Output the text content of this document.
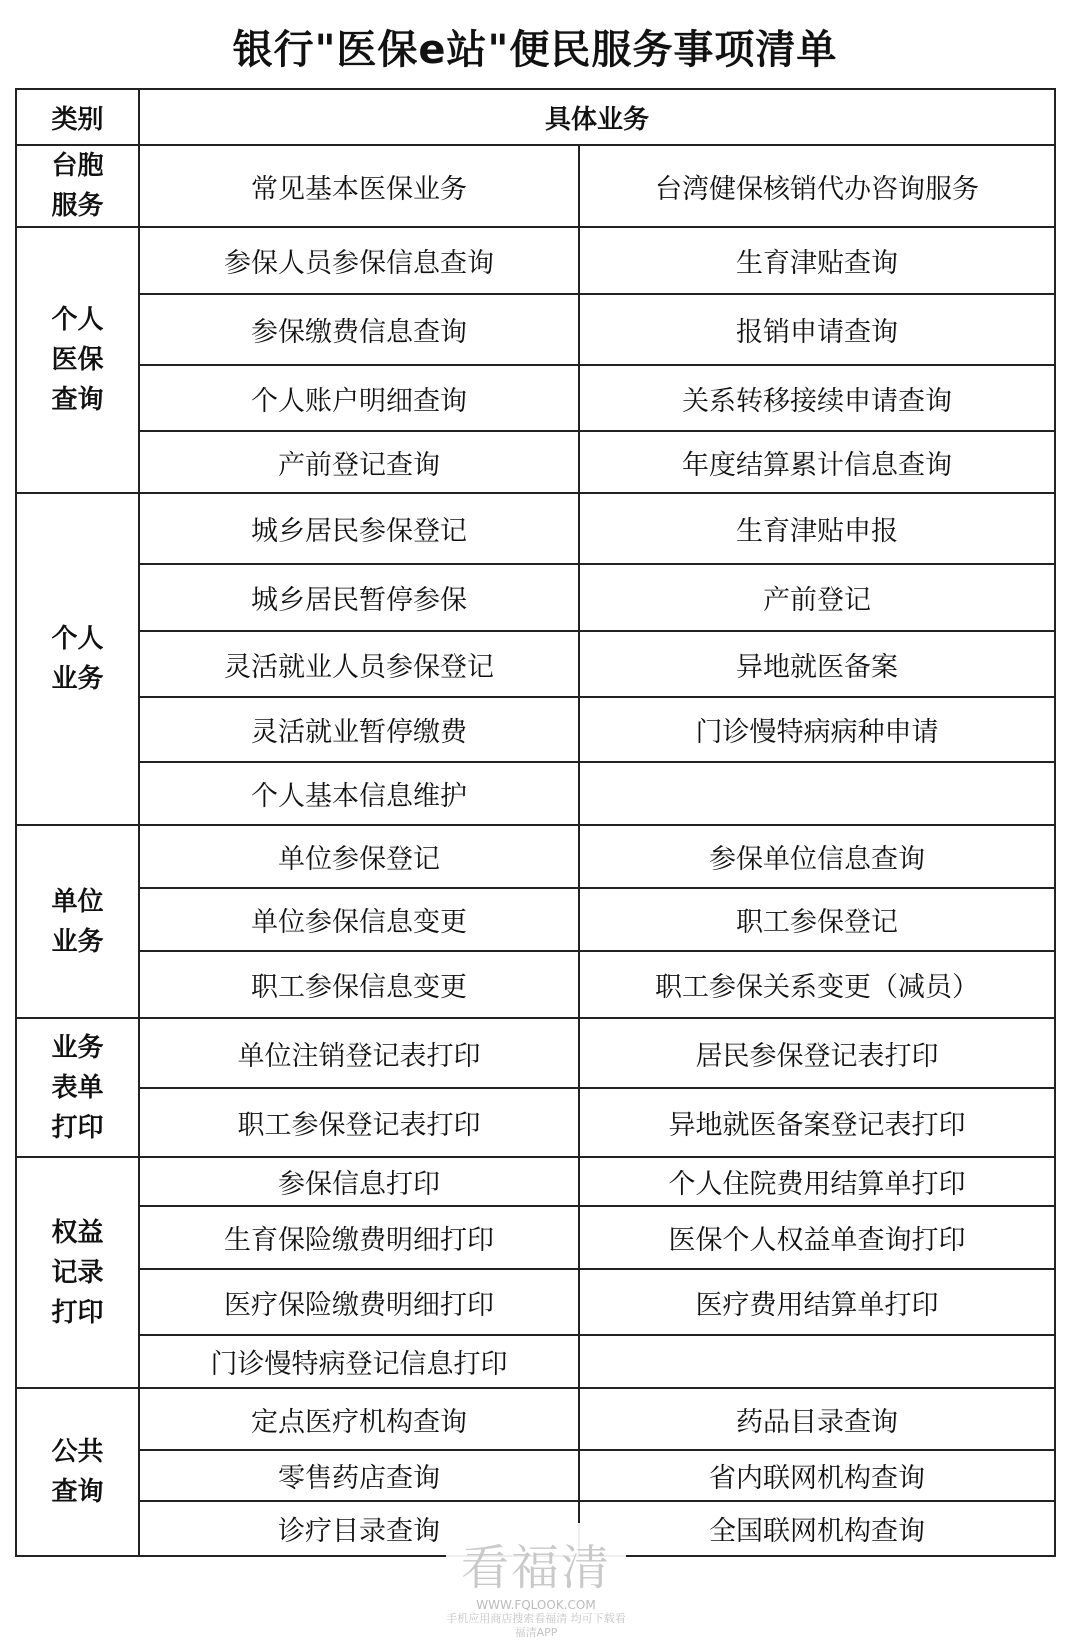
银行"医保e站"便民服务事项清单
类别	具体业务	
台胞服务	常见基本医保业务	台湾健保核销代办咨询服务
个人医保查询	参保人员参保信息查询	生育津贴查询
	参保缴费信息查询	报销申请查询
	个人账户明细查询	关系转移接续申请查询
	产前登记查询	年度结算累计信息查询
个人业务	城乡居民参保登记	生育津贴申报
	城乡居民暂停参保	产前登记
	灵活就业人员参保登记	异地就医备案
	灵活就业暂停缴费	门诊慢特病病种申请
	个人基本信息维护	
单位业务	单位参保登记	参保单位信息查询
	单位参保信息变更	职工参保登记
	职工参保信息变更	职工参保关系变更（减员）
业务表单打印	单位注销登记表打印	居民参保登记表打印
	职工参保登记表打印	异地就医备案登记表打印
权益记录打印	参保信息打印	个人住院费用结算单打印
	生育保险缴费明细打印	医保个人权益单查询打印
	医疗保险缴费明细打印	医疗费用结算单打印
	门诊慢特病登记信息打印	
公共查询	定点医疗机构查询	药品目录查询
	零售药店查询	省内联网机构查询
	诊疗目录查询	全国联网机构查询
看福清
WWW.FQLOOK.COM
手机应用商店搜索看福清 均可下载看福清APP
